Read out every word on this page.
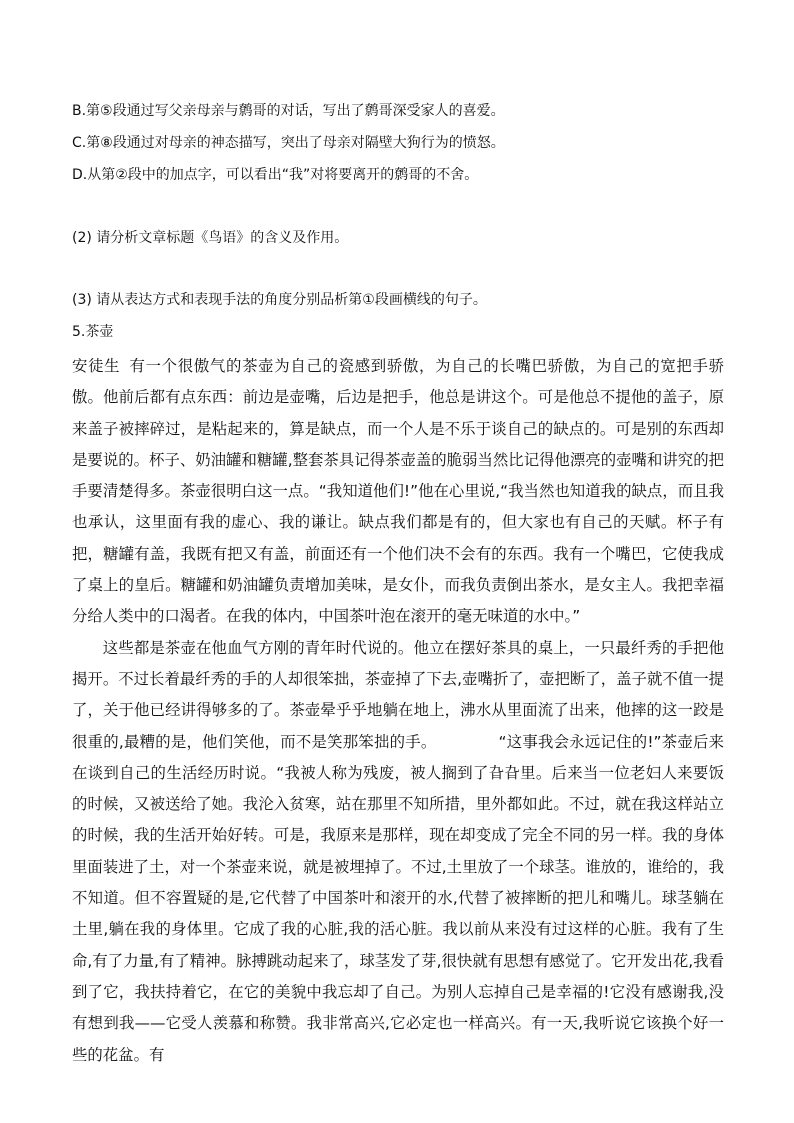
B.第⑤段通过写父亲母亲与鹩哥的对话，写出了鹩哥深受家人的喜爱。
C.第⑧段通过对母亲的神态描写，突出了母亲对隔壁大狗行为的愤怒。
D.从第②段中的加点字，可以看出“我”对将要离开的鹩哥的不舍。
(2) 请分析文章标题《鸟语》的含义及作用。
(3) 请从表达方式和表现手法的角度分别品析第①段画横线的句子。
5.茶壶

安徒生 有一个很傲气的茶壶为自己的瓷感到骄傲，为自己的长嘴巴骄傲，为自己的宽把手骄傲。他前后都有点东西：前边是壶嘴，后边是把手，他总是讲这个。可是他总不提他的盖子，原来盖子被摔碎过，是粘起来的，算是缺点，而一个人是不乐于谈自己的缺点的。可是别的东西却是要说的。杯子、奶油罐和糖罐,整套茶具记得茶壶盖的脆弱当然比记得他漂亮的壶嘴和讲究的把手要清楚得多。茶壶很明白这一点。“我知道他们!”他在心里说,“我当然也知道我的缺点，而且我也承认，这里面有我的虚心、我的谦让。缺点我们都是有的，但大家也有自己的天赋。杯子有把，糖罐有盖，我既有把又有盖，前面还有一个他们决不会有的东西。我有一个嘴巴，它使我成了桌上的皇后。糖罐和奶油罐负责增加美味，是女仆，而我负责倒出茶水，是女主人。我把幸福分给人类中的口渴者。在我的体内，中国茶叶泡在滚开的毫无味道的水中。”

这些都是茶壶在他血气方刚的青年时代说的。他立在摆好茶具的桌上，一只最纤秀的手把他揭开。不过长着最纤秀的手的人却很笨拙，茶壶掉了下去,壶嘴折了，壶把断了，盖子就不值一提了，关于他已经讲得够多的了。茶壶晕乎乎地躺在地上，沸水从里面流了出来，他摔的这一跤是很重的,最糟的是，他们笑他，而不是笑那笨拙的手。	“这事我会永远记住的!”茶壶后来在谈到自己的生活经历时说。“我被人称为残废，被人搁到了旮旮里。后来当一位老妇人来要饭的时候，又被送给了她。我沦入贫寒，站在那里不知所措，里外都如此。不过，就在我这样站立的时候，我的生活开始好转。可是，我原来是那样，现在却变成了完全不同的另一样。我的身体里面装进了土，对一个茶壶来说，就是被埋掉了。不过,土里放了一个球茎。谁放的，谁给的，我不知道。但不容置疑的是,它代替了中国茶叶和滚开的水,代替了被摔断的把儿和嘴儿。球茎躺在土里,躺在我的身体里。它成了我的心脏,我的活心脏。我以前从来没有过这样的心脏。我有了生命,有了力量,有了精神。脉搏跳动起来了，球茎发了芽,很快就有思想有感觉了。它开发出花,我看到了它，我扶持着它，在它的美貌中我忘却了自己。为别人忘掉自己是幸福的!它没有感谢我,没有想到我——它受人羡慕和称赞。我非常高兴,它必定也一样高兴。有一天,我听说它该换个好一些的花盆。有
